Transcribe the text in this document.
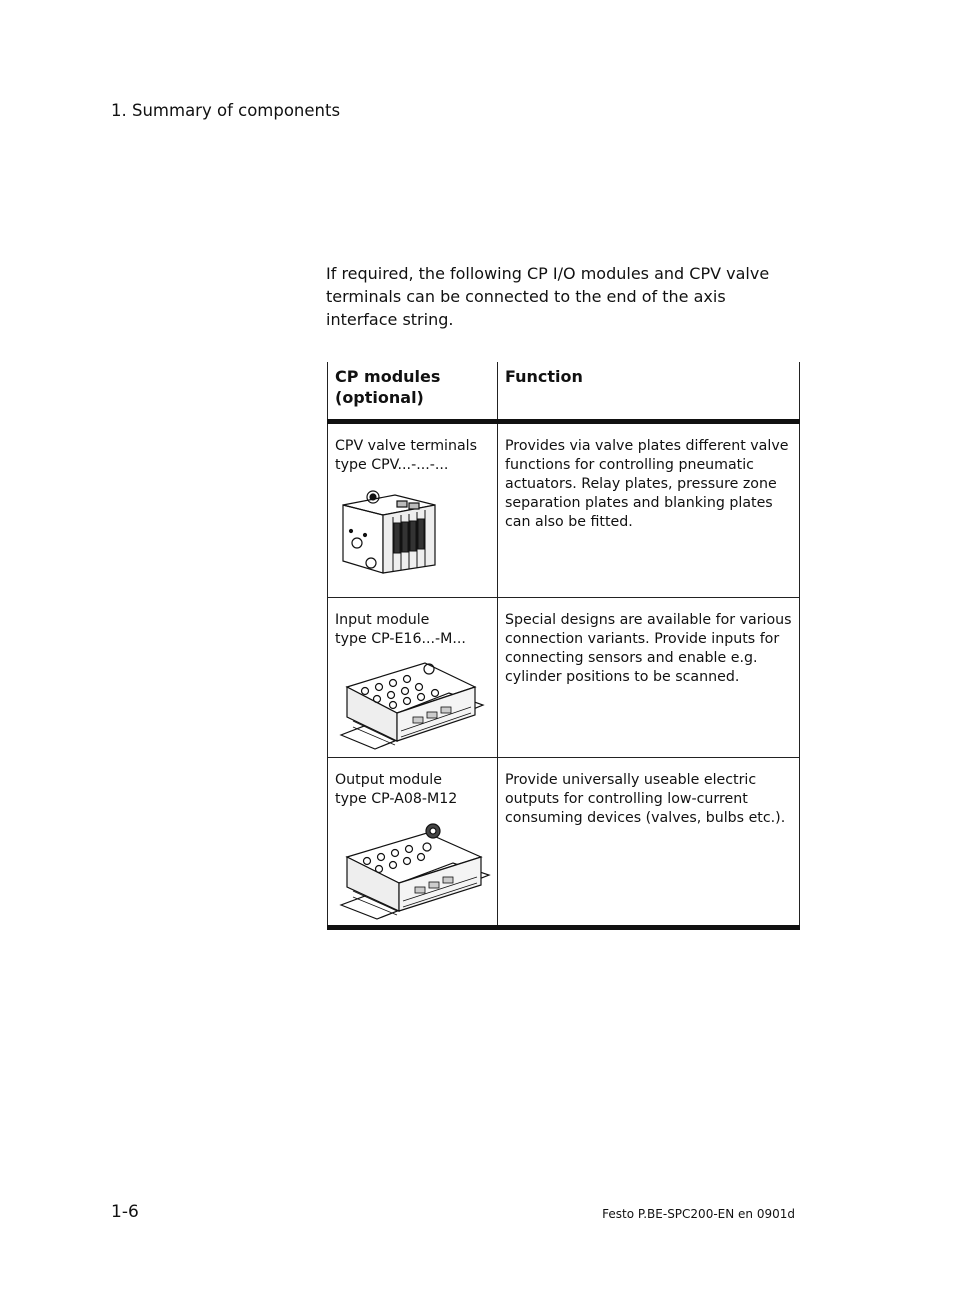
1. Summary of components
If required, the following CP I/O modules and CPV valve terminals can be connected to the end of the axis interface string.
CP modules
(optional)	Function

CPV valve terminals
type CPV...-...-...	Provides via valve plates different valve functions for controlling pneumatic actuators. Relay plates, pressure zone separation plates and blanking plates can also be fitted.

Input module
type CP-E16...-M...	Special designs are available for various connection variants. Provide inputs for connecting sensors and enable e.g. cylinder positions to be scanned.

Output module
type CP-A08-M12	Provide universally useable electric outputs for controlling low-current consuming devices (valves, bulbs etc.).
1-6	Festo P.BE-SPC200-EN en 0901d
